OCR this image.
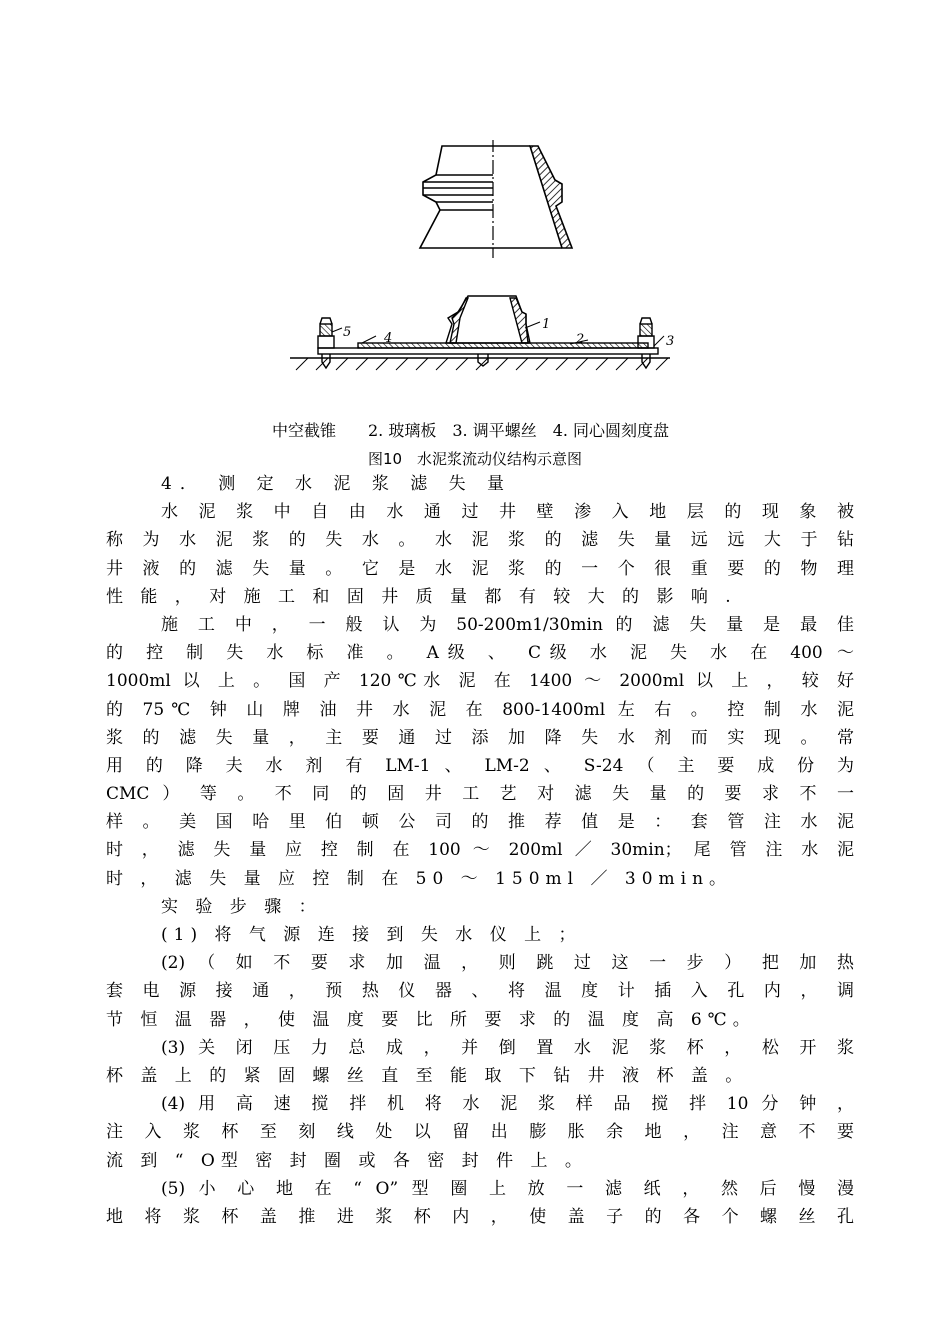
1
2	3
4
5
中空截锥　　2. 玻璃板　3. 调平螺丝　4. 同心圆刻度盘
图10　水泥浆流动仪结构示意图
4． 测 定 水 泥 浆 滤 失 量
水 泥 浆 中 自 由 水 通 过 井 壁 渗 入 地 层 的 现 象 被
称 为 水 泥 浆 的 失 水 。 水 泥 浆 的 滤 失 量 远 远 大 于 钻
井 液 的 滤 失 量 。 它 是 水 泥 浆 的 一 个 很 重 要 的 物 理
性 能 ， 对 施 工 和 固 井 质 量 都 有 较 大 的 影 响 .
施 工 中 ， 一 般 认 为 50-200m1/30min 的 滤 失 量 是 最 佳
的 控 制 失 水 标 准 。 A级 、 C级 水 泥 失 水 在 400 ～
1000ml 以 上 。 国 产 120℃水 泥 在 1400 ～ 2000ml 以 上 ， 较 好
的 75℃ 钟 山 牌 油 井 水 泥 在 800-1400ml 左 右 。 控 制 水 泥
浆 的 滤 失 量 ， 主 要 通 过 添 加 降 失 水 剂 而 实 现 。 常
用 的 降 夫 水 剂 有 LM-1 、 LM-2 、 S-24 （ 主 要 成 份 为
CMC ） 等 。 不 同 的 固 井 工 艺 对 滤 失 量 的 要 求 不 一
样 。 美 国 哈 里 伯 顿 公 司 的 推 荐 值 是 ： 套 管 注 水 泥
时 ， 滤 失 量 应 控 制 在 100 ～ 200ml ／ 30min； 尾 管 注 水 泥
时 ， 滤 失 量 应 控 制 在 50 ～ 150ml ／ 30min。
实 验 步 骤 ：
(1) 将 气 源 连 接 到 失 水 仪 上 ；
(2) （ 如 不 要 求 加 温 ， 则 跳 过 这 一 步 ） 把 加 热
套 电 源 接 通 ， 预 热 仪 器 、 将 温 度 计 插 入 孔 内 ， 调
节 恒 温 器 ， 使 温 度 要 比 所 要 求 的 温 度 高 6℃。
(3) 关 闭 压 力 总 成 ， 并 倒 置 水 泥 浆 杯 ， 松 开 浆
杯 盖 上 的 紧 固 螺 丝 直 至 能 取 下 钻 井 液 杯 盖 。
(4) 用 高 速 搅 拌 机 将 水 泥 浆 样 品 搅 拌 10 分 钟 ，
注 入 浆 杯 至 刻 线 处 以 留 出 膨 胀 余 地 ， 注 意 不 要
流 到 “ O型 密 封 圈 或 各 密 封 件 上 。
(5) 小 心 地 在 “ O” 型 圈 上 放 一 滤 纸 ， 然 后 慢 漫
地 将 浆 杯 盖 推 进 浆 杯 内 ， 使 盖 子 的 各 个 螺 丝 孔
